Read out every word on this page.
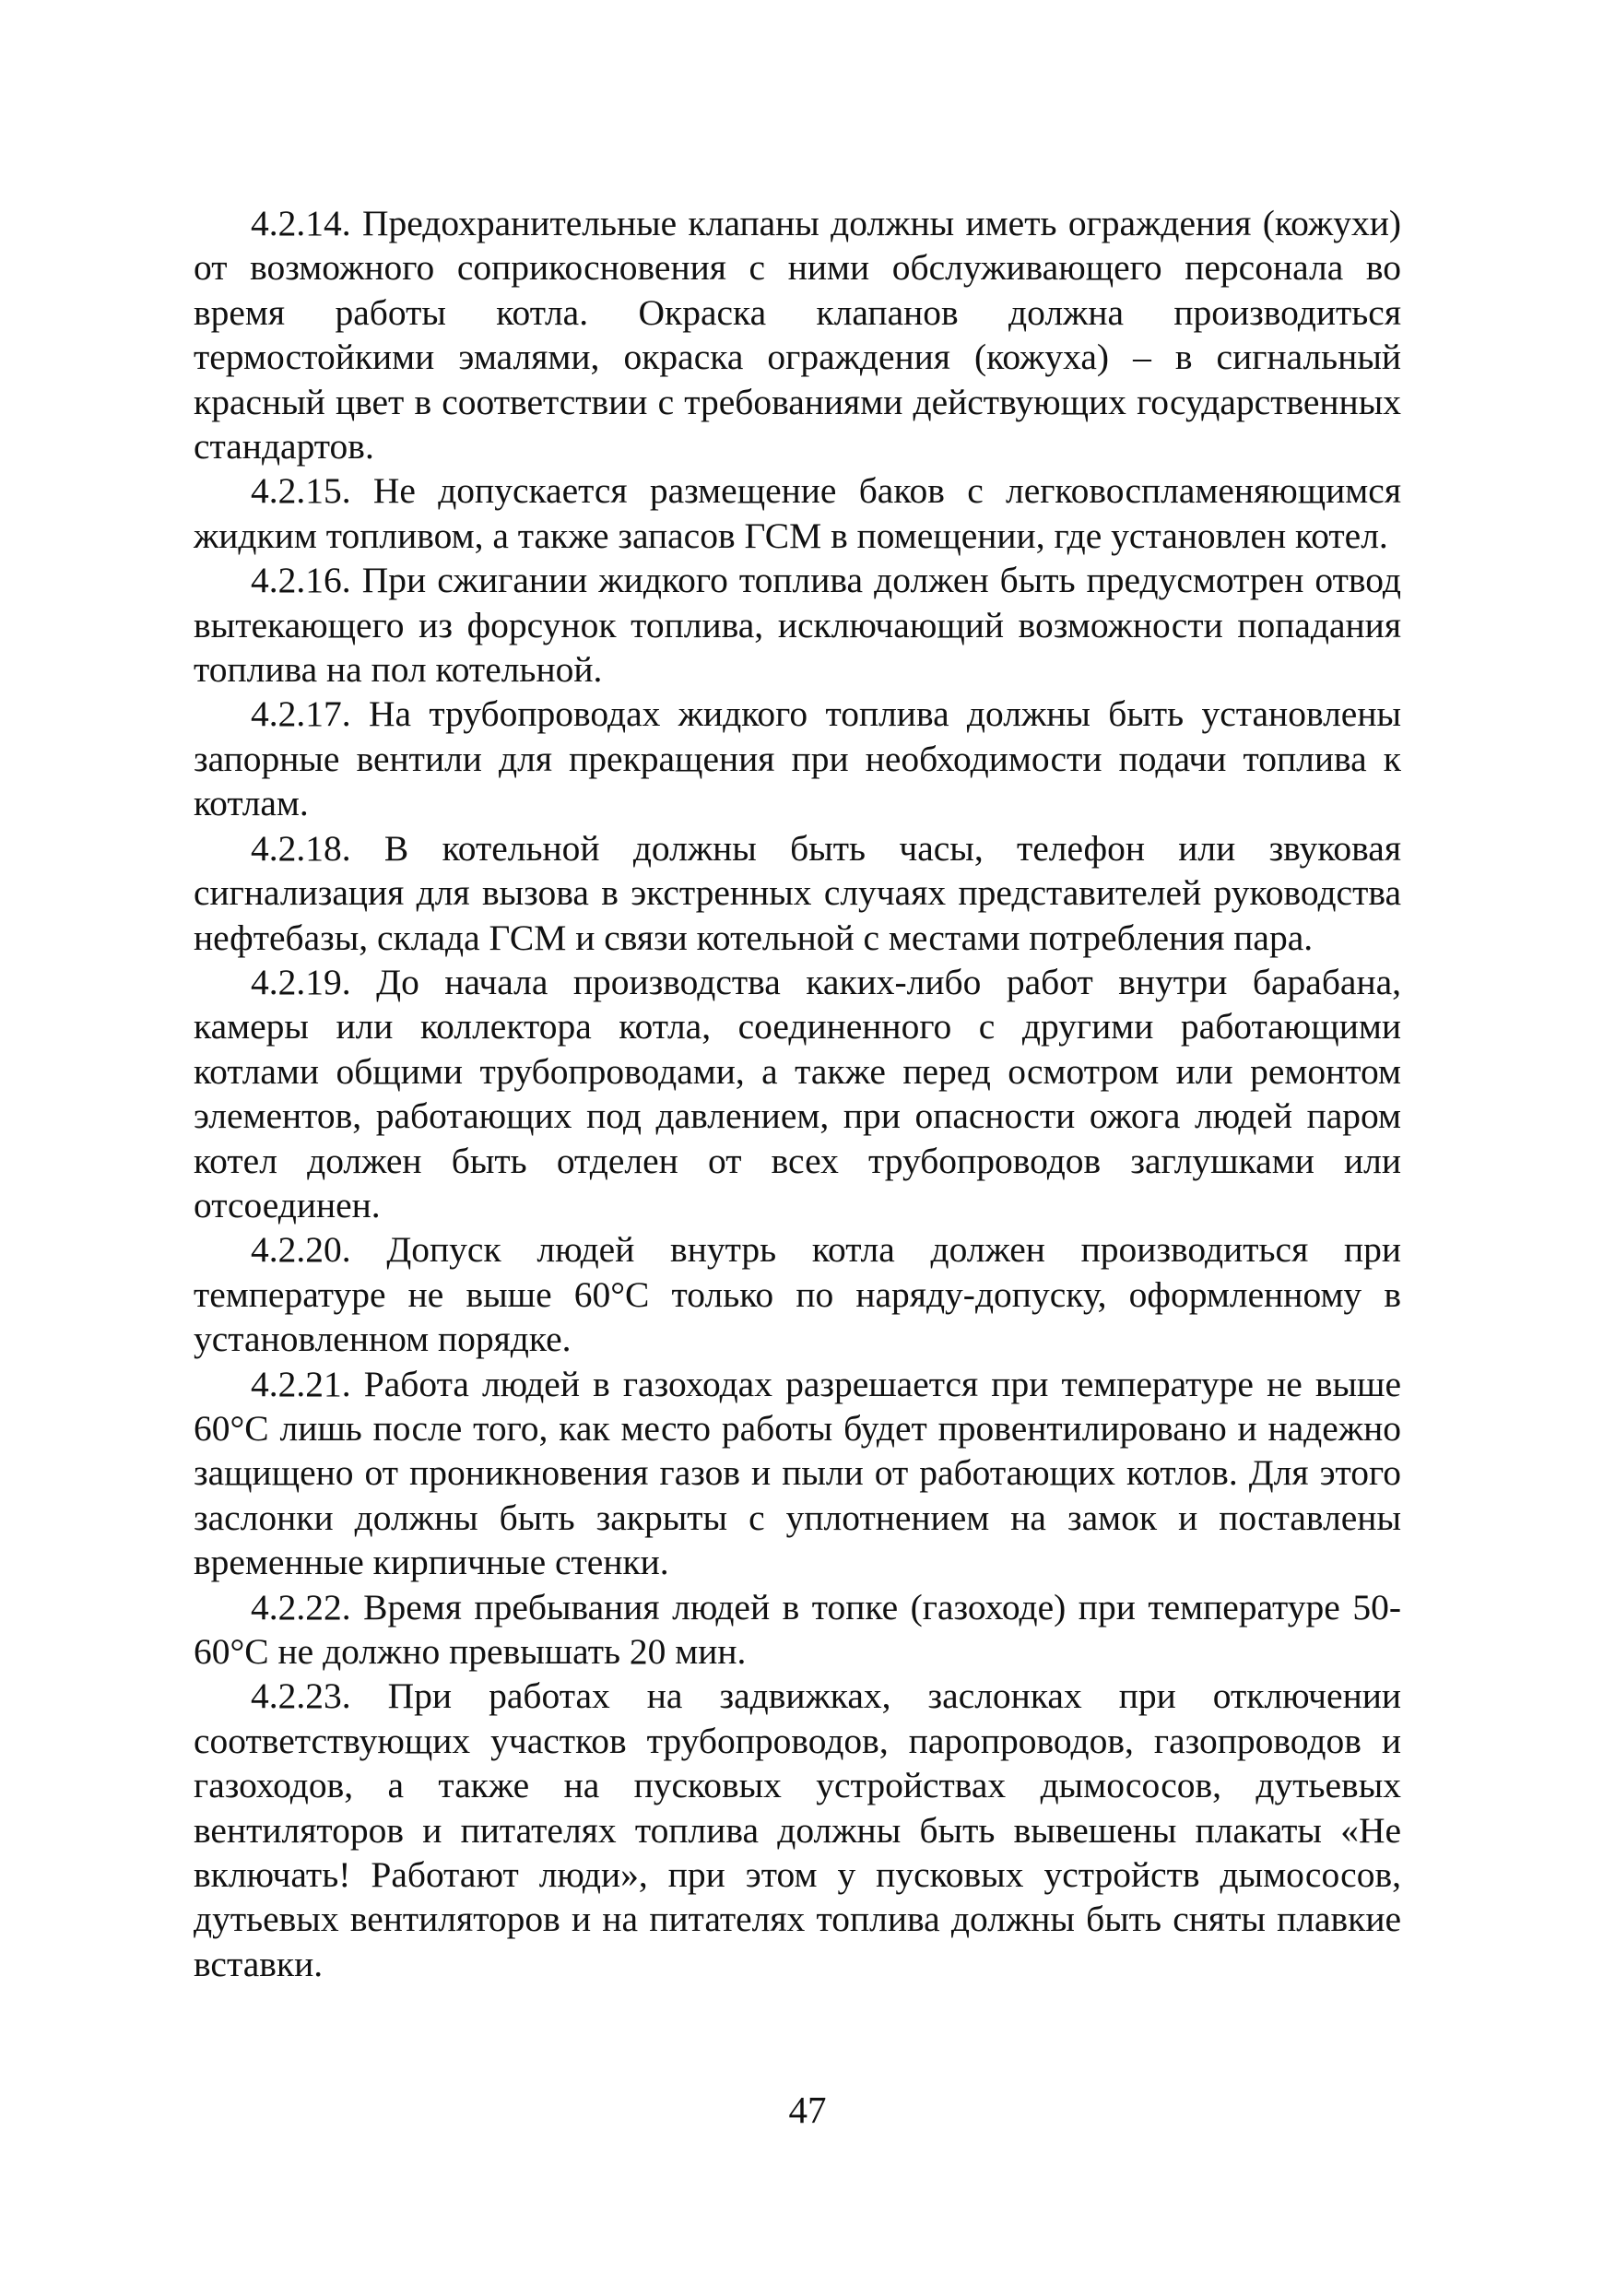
4.2.14. Предохранительные клапаны должны иметь ограждения (кожухи) от возможного соприкосновения с ними обслуживающего персонала во время работы котла. Окраска клапанов должна производиться термостойкими эмалями, окраска ограждения (кожуха) – в сигнальный красный цвет в соответствии с требованиями действующих государственных стандартов.

4.2.15. Не допускается размещение баков с легковоспламеняющимся жидким топливом, а также запасов ГСМ в помещении, где установлен котел.

4.2.16. При сжигании жидкого топлива должен быть предусмотрен отвод вытекающего из форсунок топлива, исключающий возможности попадания топлива на пол котельной.

4.2.17. На трубопроводах жидкого топлива должны быть установлены запорные вентили для прекращения при необходимости подачи топлива к котлам.

4.2.18. В котельной должны быть часы, телефон или звуковая сигнализация для вызова в экстренных случаях представителей руководства нефтебазы, склада ГСМ и связи котельной с местами потребления пара.

4.2.19. До начала производства каких-либо работ внутри барабана, камеры или коллектора котла, соединенного с другими работающими котлами общими трубопроводами, а также перед осмотром или ремонтом элементов, работающих под давлением, при опасности ожога людей паром котел должен быть отделен от всех трубопроводов заглушками или отсоединен.

4.2.20. Допуск людей внутрь котла должен производиться при температуре не выше 60°С только по наряду-допуску, оформленному в установленном порядке.

4.2.21. Работа людей в газоходах разрешается при температуре не выше 60°С лишь после того, как место работы будет провентилировано и надежно защищено от проникновения газов и пыли от работающих котлов. Для этого заслонки должны быть закрыты с уплотнением на замок и поставлены временные кирпичные стенки.

4.2.22. Время пребывания людей в топке (газоходе) при температуре 50-60°С не должно превышать 20 мин.

4.2.23. При работах на задвижках, заслонках при отключении соответствующих участков трубопроводов, паропроводов, газопроводов и газоходов, а также на пусковых устройствах дымососов, дутьевых вентиляторов и питателях топлива должны быть вывешены плакаты «Не включать! Работают люди», при этом у пусковых устройств дымососов, дутьевых вентиляторов и на питателях топлива должны быть сняты плавкие вставки.

47
